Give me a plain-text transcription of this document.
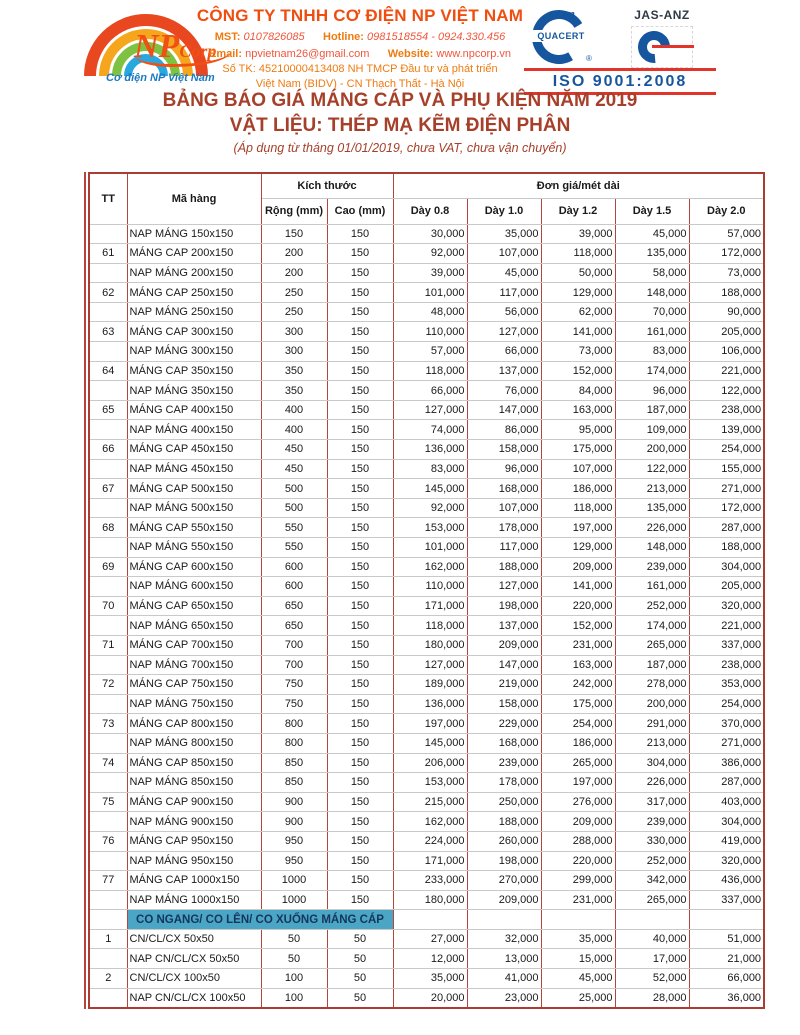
NPCorp
Cơ điện NP Việt Nam
CÔNG TY TNHH CƠ ĐIỆN NP VIỆT NAM
MST: 0107826085 Hotline: 0981518554 - 0924.330.456
Email: npvietnam26@gmail.com Website: www.npcorp.vn
Số TK: 45210000413408 NH TMCP Đầu tư và phát triển
Việt Nam (BIDV) - CN Thạch Thất - Hà Nội
vn
QUACERT
®
JAS-ANZ
ISO 9001:2008
BẢNG BÁO GIÁ MÁNG CÁP VÀ PHỤ KIỆN NĂM 2019
VẬT LIỆU: THÉP MẠ KẼM ĐIỆN PHÂN
(Áp dụng từ tháng 01/01/2019, chưa VAT, chưa vận chuyển)
TT	Mã hàng	Kích thước		Đơn giá/mét dài				
		Rộng (mm)	Cao (mm)	Dày 0.8	Dày 1.0	Dày 1.2	Dày 1.5	Dày 2.0
	NAP MÁNG 150x150	150	150	30,000	35,000	39,000	45,000	57,000
61	MÁNG CAP 200x150	200	150	92,000	107,000	118,000	135,000	172,000
	NAP MÁNG 200x150	200	150	39,000	45,000	50,000	58,000	73,000
62	MÁNG CAP 250x150	250	150	101,000	117,000	129,000	148,000	188,000
	NAP MÁNG 250x150	250	150	48,000	56,000	62,000	70,000	90,000
63	MÁNG CAP 300x150	300	150	110,000	127,000	141,000	161,000	205,000
	NAP MÁNG 300x150	300	150	57,000	66,000	73,000	83,000	106,000
64	MÁNG CAP 350x150	350	150	118,000	137,000	152,000	174,000	221,000
	NAP MÁNG 350x150	350	150	66,000	76,000	84,000	96,000	122,000
65	MÁNG CAP 400x150	400	150	127,000	147,000	163,000	187,000	238,000
	NAP MÁNG 400x150	400	150	74,000	86,000	95,000	109,000	139,000
66	MÁNG CAP 450x150	450	150	136,000	158,000	175,000	200,000	254,000
	NAP MÁNG 450x150	450	150	83,000	96,000	107,000	122,000	155,000
67	MÁNG CAP 500x150	500	150	145,000	168,000	186,000	213,000	271,000
	NAP MÁNG 500x150	500	150	92,000	107,000	118,000	135,000	172,000
68	MÁNG CAP 550x150	550	150	153,000	178,000	197,000	226,000	287,000
	NAP MÁNG 550x150	550	150	101,000	117,000	129,000	148,000	188,000
69	MÁNG CAP 600x150	600	150	162,000	188,000	209,000	239,000	304,000
	NAP MÁNG 600x150	600	150	110,000	127,000	141,000	161,000	205,000
70	MÁNG CAP 650x150	650	150	171,000	198,000	220,000	252,000	320,000
	NAP MÁNG 650x150	650	150	118,000	137,000	152,000	174,000	221,000
71	MÁNG CAP 700x150	700	150	180,000	209,000	231,000	265,000	337,000
	NAP MÁNG 700x150	700	150	127,000	147,000	163,000	187,000	238,000
72	MÁNG CAP 750x150	750	150	189,000	219,000	242,000	278,000	353,000
	NAP MÁNG 750x150	750	150	136,000	158,000	175,000	200,000	254,000
73	MÁNG CAP 800x150	800	150	197,000	229,000	254,000	291,000	370,000
	NAP MÁNG 800x150	800	150	145,000	168,000	186,000	213,000	271,000
74	MÁNG CAP 850x150	850	150	206,000	239,000	265,000	304,000	386,000
	NAP MÁNG 850x150	850	150	153,000	178,000	197,000	226,000	287,000
75	MÁNG CAP 900x150	900	150	215,000	250,000	276,000	317,000	403,000
	NAP MÁNG 900x150	900	150	162,000	188,000	209,000	239,000	304,000
76	MÁNG CAP 950x150	950	150	224,000	260,000	288,000	330,000	419,000
	NAP MÁNG 950x150	950	150	171,000	198,000	220,000	252,000	320,000
77	MÁNG CAP 1000x150	1000	150	233,000	270,000	299,000	342,000	436,000
	NAP MÁNG 1000x150	1000	150	180,000	209,000	231,000	265,000	337,000
	CO NGANG/ CO LÊN/ CO XUỐNG MÁNG CÁP							
1	CN/CL/CX 50x50	50	50	27,000	32,000	35,000	40,000	51,000
	NAP CN/CL/CX 50x50	50	50	12,000	13,000	15,000	17,000	21,000
2	CN/CL/CX 100x50	100	50	35,000	41,000	45,000	52,000	66,000
	NAP CN/CL/CX 100x50	100	50	20,000	23,000	25,000	28,000	36,000
